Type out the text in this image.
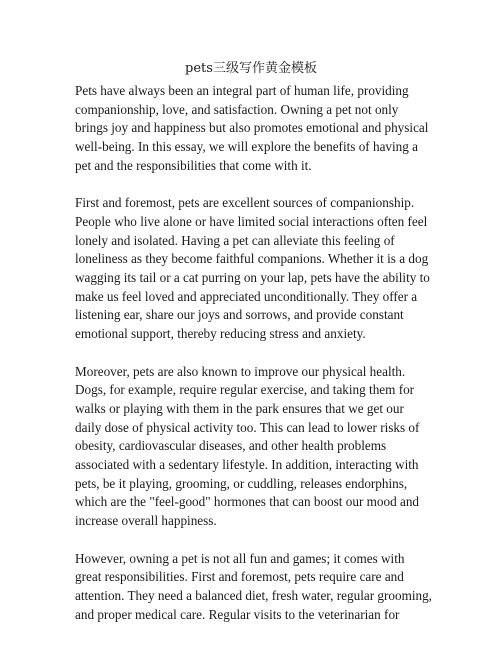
pets三级写作黄金模板

Pets have always been an integral part of human life, providing
companionship, love, and satisfaction. Owning a pet not only
brings joy and happiness but also promotes emotional and physical
well-being. In this essay, we will explore the benefits of having a
pet and the responsibilities that come with it.

First and foremost, pets are excellent sources of companionship.
People who live alone or have limited social interactions often feel
lonely and isolated. Having a pet can alleviate this feeling of
loneliness as they become faithful companions. Whether it is a dog
wagging its tail or a cat purring on your lap, pets have the ability to
make us feel loved and appreciated unconditionally. They offer a
listening ear, share our joys and sorrows, and provide constant
emotional support, thereby reducing stress and anxiety.

Moreover, pets are also known to improve our physical health.
Dogs, for example, require regular exercise, and taking them for
walks or playing with them in the park ensures that we get our
daily dose of physical activity too. This can lead to lower risks of
obesity, cardiovascular diseases, and other health problems
associated with a sedentary lifestyle. In addition, interacting with
pets, be it playing, grooming, or cuddling, releases endorphins,
which are the "feel-good" hormones that can boost our mood and
increase overall happiness.

However, owning a pet is not all fun and games; it comes with
great responsibilities. First and foremost, pets require care and
attention. They need a balanced diet, fresh water, regular grooming,
and proper medical care. Regular visits to the veterinarian for
